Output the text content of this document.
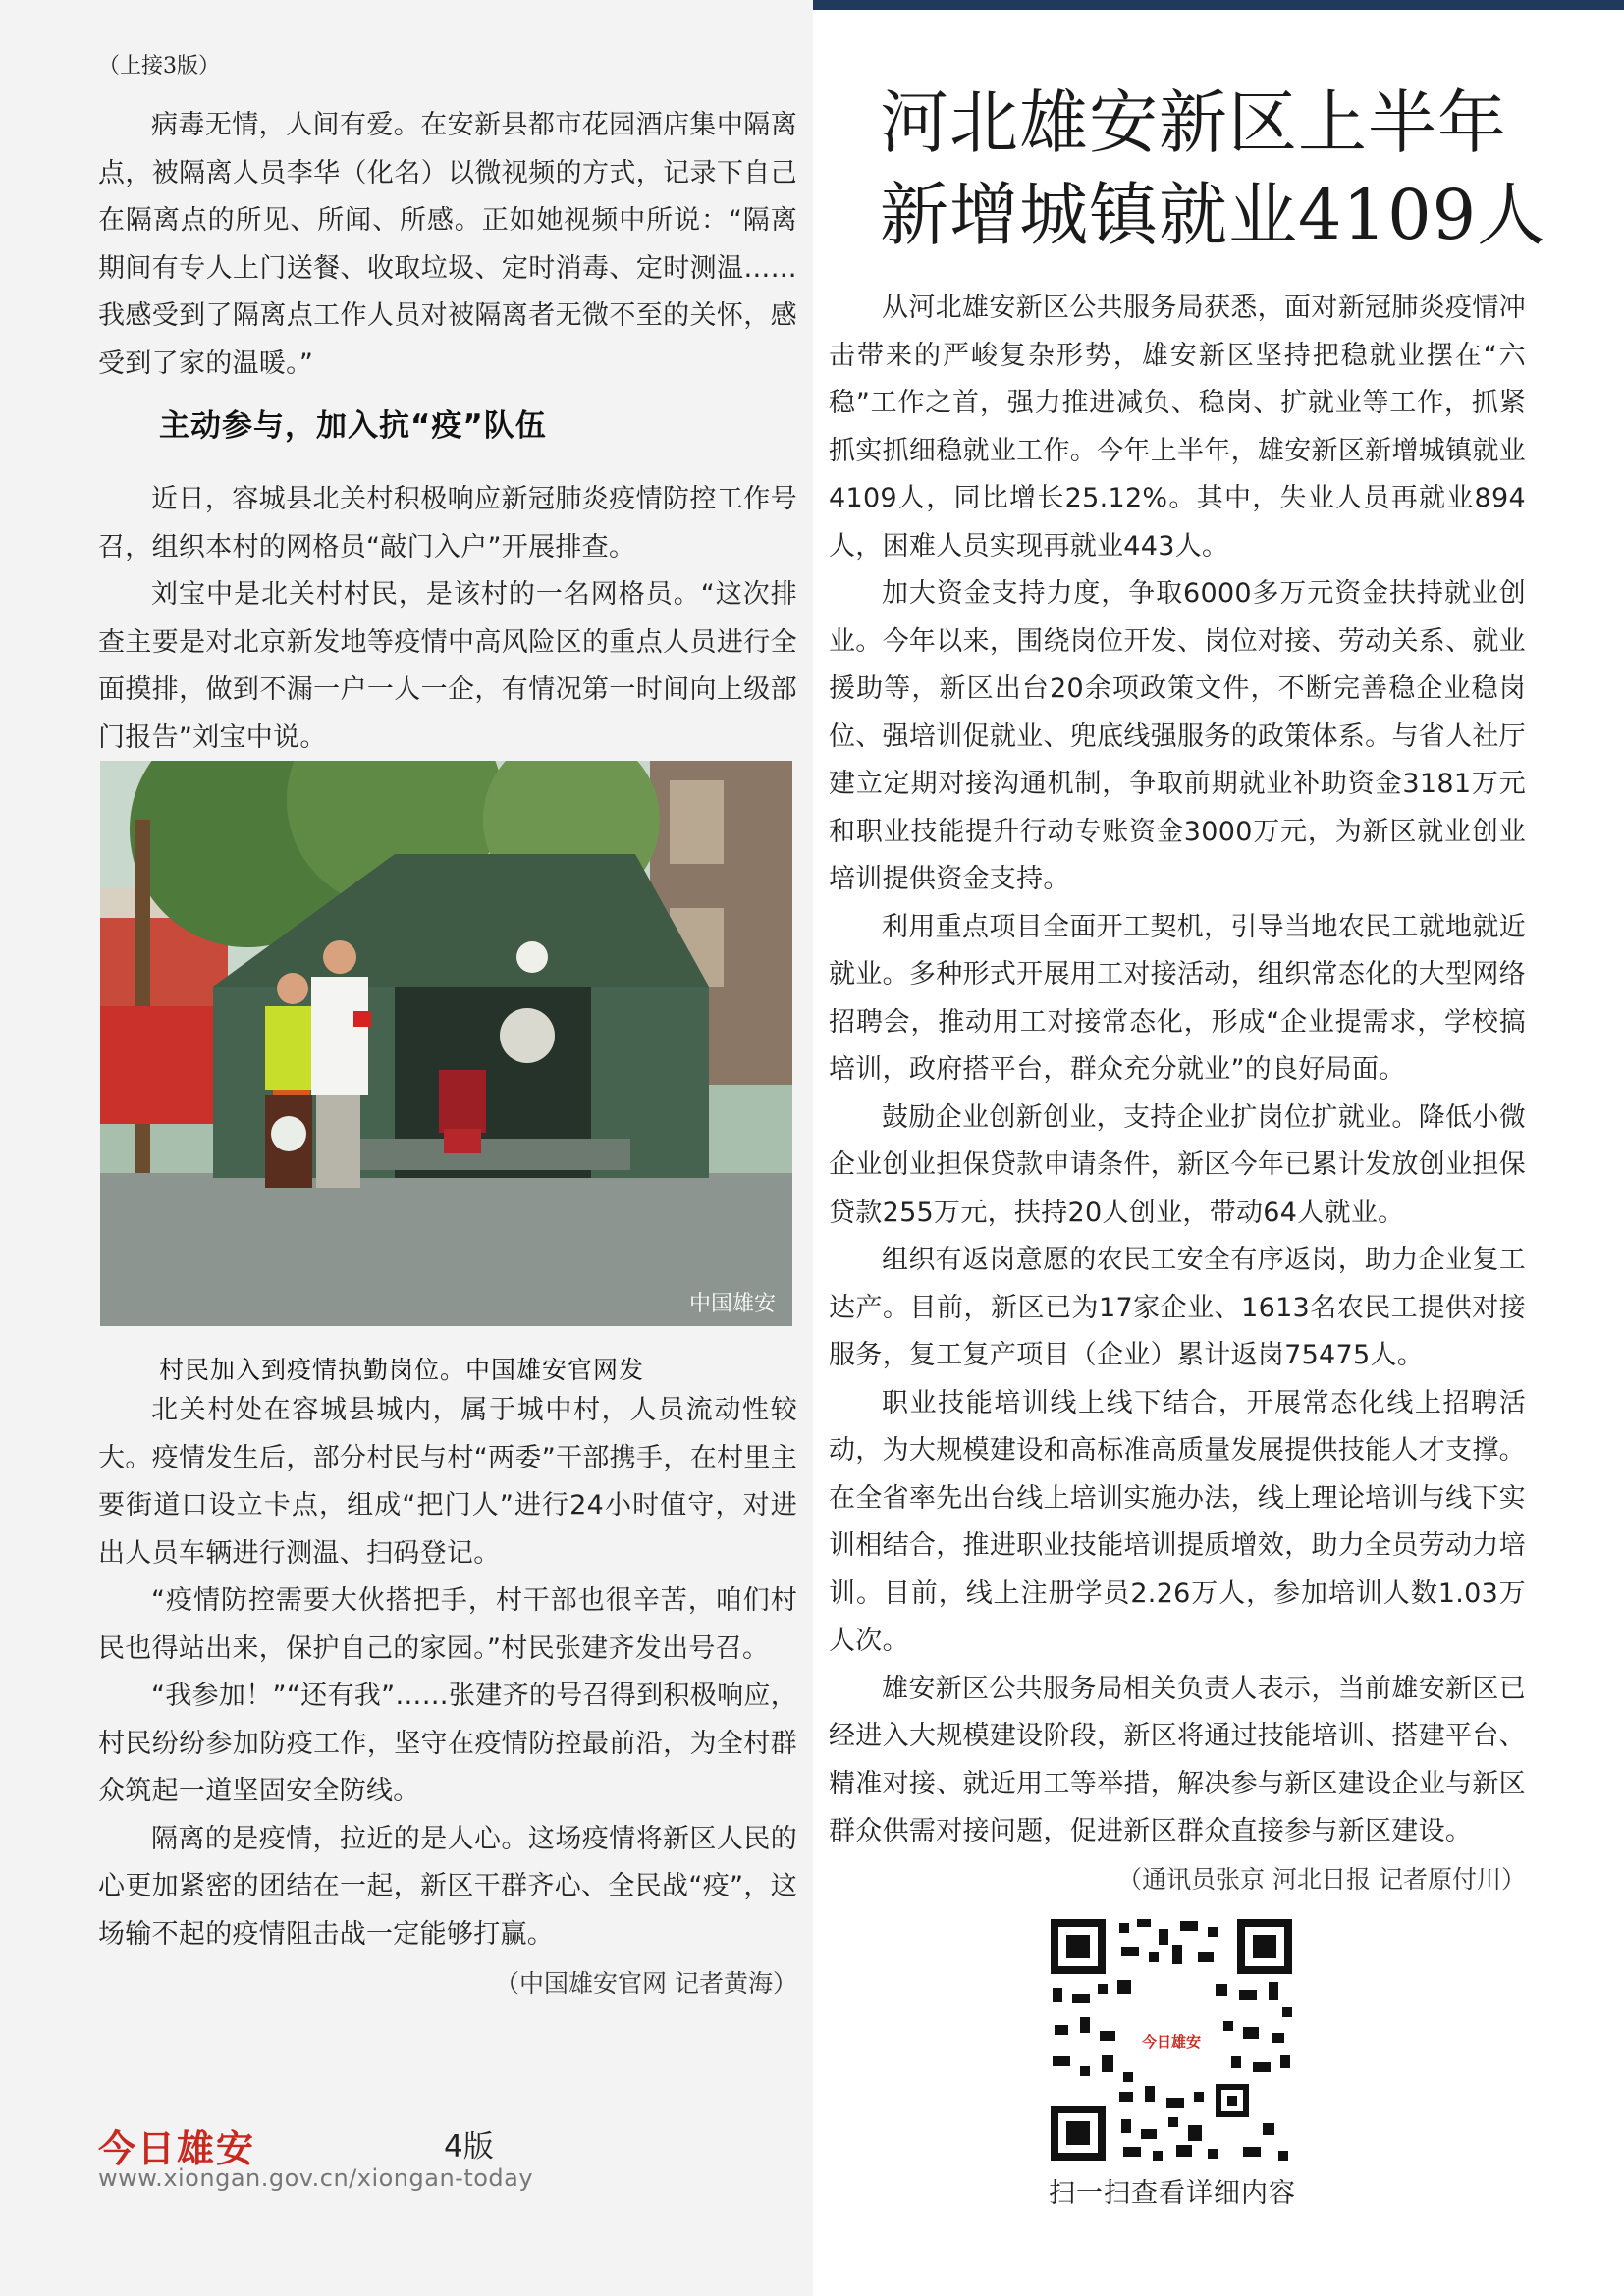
（上接3版）

病毒无情，人间有爱。在安新县都市花园酒店集中隔离点，被隔离人员李华（化名）以微视频的方式，记录下自己在隔离点的所见、所闻、所感。正如她视频中所说：“隔离期间有专人上门送餐、收取垃圾、定时消毒、定时测温……我感受到了隔离点工作人员对被隔离者无微不至的关怀，感受到了家的温暖。”

主动参与，加入抗“疫”队伍

近日，容城县北关村积极响应新冠肺炎疫情防控工作号召，组织本村的网格员“敲门入户”开展排查。

刘宝中是北关村村民，是该村的一名网格员。“这次排查主要是对北京新发地等疫情中高风险区的重点人员进行全面摸排，做到不漏一户一人一企，有情况第一时间向上级部门报告”刘宝中说。

中国雄安
村民加入到疫情执勤岗位。中国雄安官网发

北关村处在容城县城内，属于城中村，人员流动性较大。疫情发生后，部分村民与村“两委”干部携手，在村里主要街道口设立卡点，组成“把门人”进行24小时值守，对进出人员车辆进行测温、扫码登记。

“疫情防控需要大伙搭把手，村干部也很辛苦，咱们村民也得站出来，保护自己的家园。”村民张建齐发出号召。

“我参加！”“还有我”……张建齐的号召得到积极响应，村民纷纷参加防疫工作，坚守在疫情防控最前沿，为全村群众筑起一道坚固安全防线。

隔离的是疫情，拉近的是人心。这场疫情将新区人民的心更加紧密的团结在一起，新区干群齐心、全民战“疫”，这场输不起的疫情阻击战一定能够打赢。

（中国雄安官网 记者黄海）
今日雄安	4版
www.xiongan.gov.cn/xiongan-today
河北雄安新区上半年
新增城镇就业4109人

从河北雄安新区公共服务局获悉，面对新冠肺炎疫情冲击带来的严峻复杂形势，雄安新区坚持把稳就业摆在“六稳”工作之首，强力推进减负、稳岗、扩就业等工作，抓紧抓实抓细稳就业工作。今年上半年，雄安新区新增城镇就业4109人，同比增长25.12%。其中，失业人员再就业894人，困难人员实现再就业443人。

加大资金支持力度，争取6000多万元资金扶持就业创业。今年以来，围绕岗位开发、岗位对接、劳动关系、就业援助等，新区出台20余项政策文件，不断完善稳企业稳岗位、强培训促就业、兜底线强服务的政策体系。与省人社厅建立定期对接沟通机制，争取前期就业补助资金3181万元和职业技能提升行动专账资金3000万元，为新区就业创业培训提供资金支持。

利用重点项目全面开工契机，引导当地农民工就地就近就业。多种形式开展用工对接活动，组织常态化的大型网络招聘会，推动用工对接常态化，形成“企业提需求，学校搞培训，政府搭平台，群众充分就业”的良好局面。

鼓励企业创新创业，支持企业扩岗位扩就业。降低小微企业创业担保贷款申请条件，新区今年已累计发放创业担保贷款255万元，扶持20人创业，带动64人就业。

组织有返岗意愿的农民工安全有序返岗，助力企业复工达产。目前，新区已为17家企业、1613名农民工提供对接服务，复工复产项目（企业）累计返岗75475人。

职业技能培训线上线下结合，开展常态化线上招聘活动，为大规模建设和高标准高质量发展提供技能人才支撑。在全省率先出台线上培训实施办法，线上理论培训与线下实训相结合，推进职业技能培训提质增效，助力全员劳动力培训。目前，线上注册学员2.26万人，参加培训人数1.03万人次。

雄安新区公共服务局相关负责人表示，当前雄安新区已经进入大规模建设阶段，新区将通过技能培训、搭建平台、精准对接、就近用工等举措，解决参与新区建设企业与新区群众供需对接问题，促进新区群众直接参与新区建设。

（通讯员张京 河北日报 记者原付川）
今日雄安
扫一扫查看详细内容
